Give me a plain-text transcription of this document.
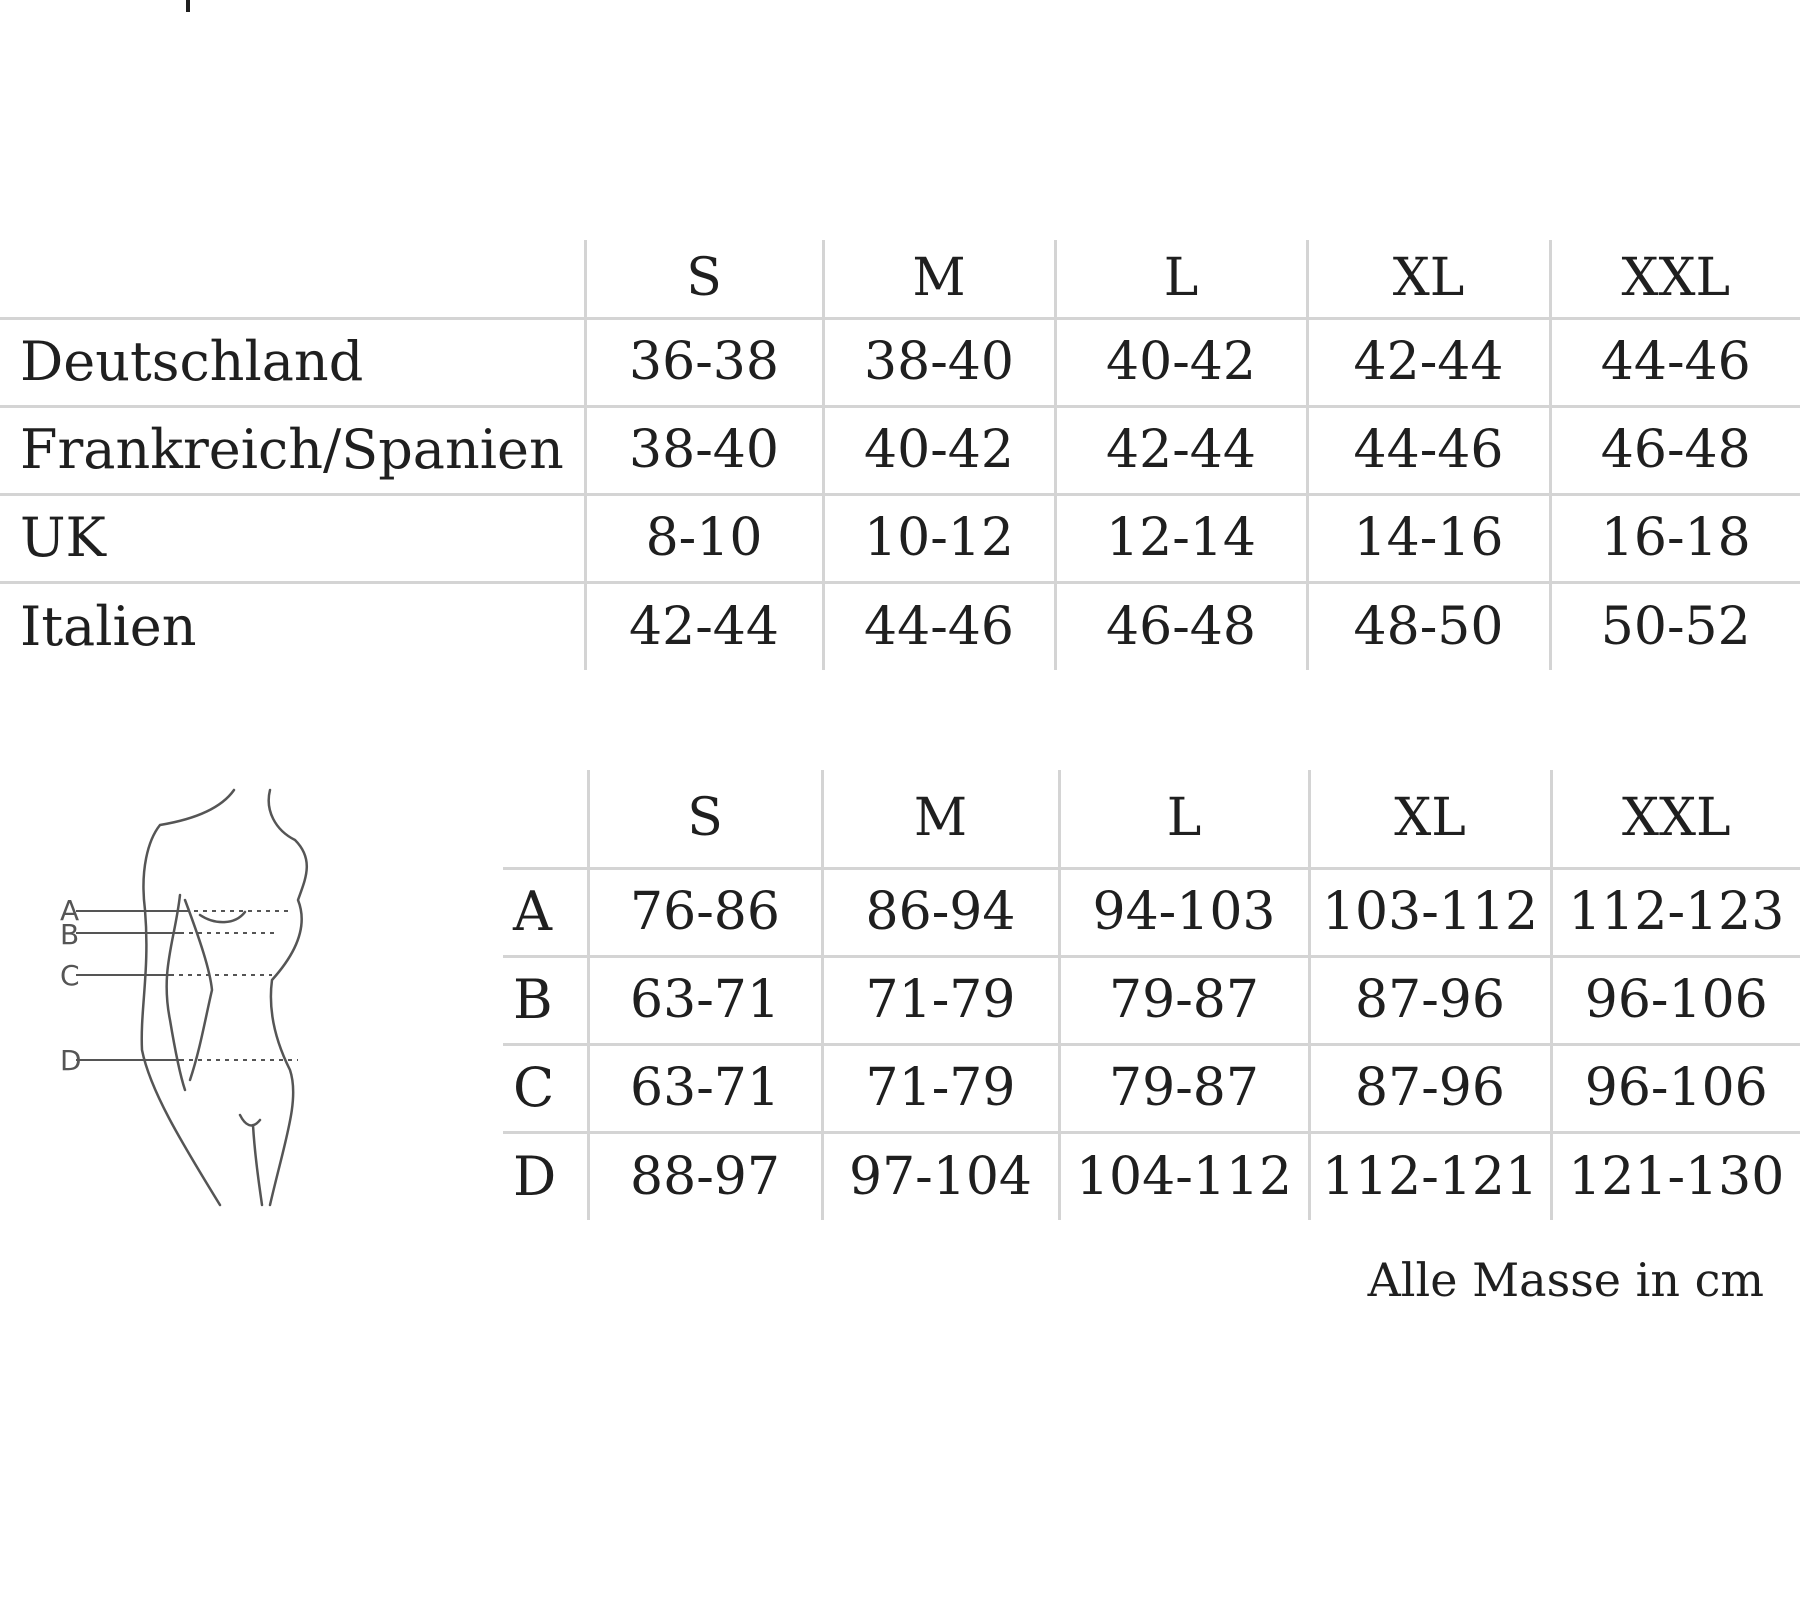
	S	M	L	XL	XXL
Deutschland	36-38	38-40	40-42	42-44	44-46
Frankreich/Spanien	38-40	40-42	42-44	44-46	46-48
UK	8-10	10-12	12-14	14-16	16-18
Italien	42-44	44-46	46-48	48-50	50-52
A
B
C
D
	S	M	L	XL	XXL
A	76-86	86-94	94-103	103-112	112-123
B	63-71	71-79	79-87	87-96	96-106
C	63-71	71-79	79-87	87-96	96-106
D	88-97	97-104	104-112	112-121	121-130
Alle Masse in cm
